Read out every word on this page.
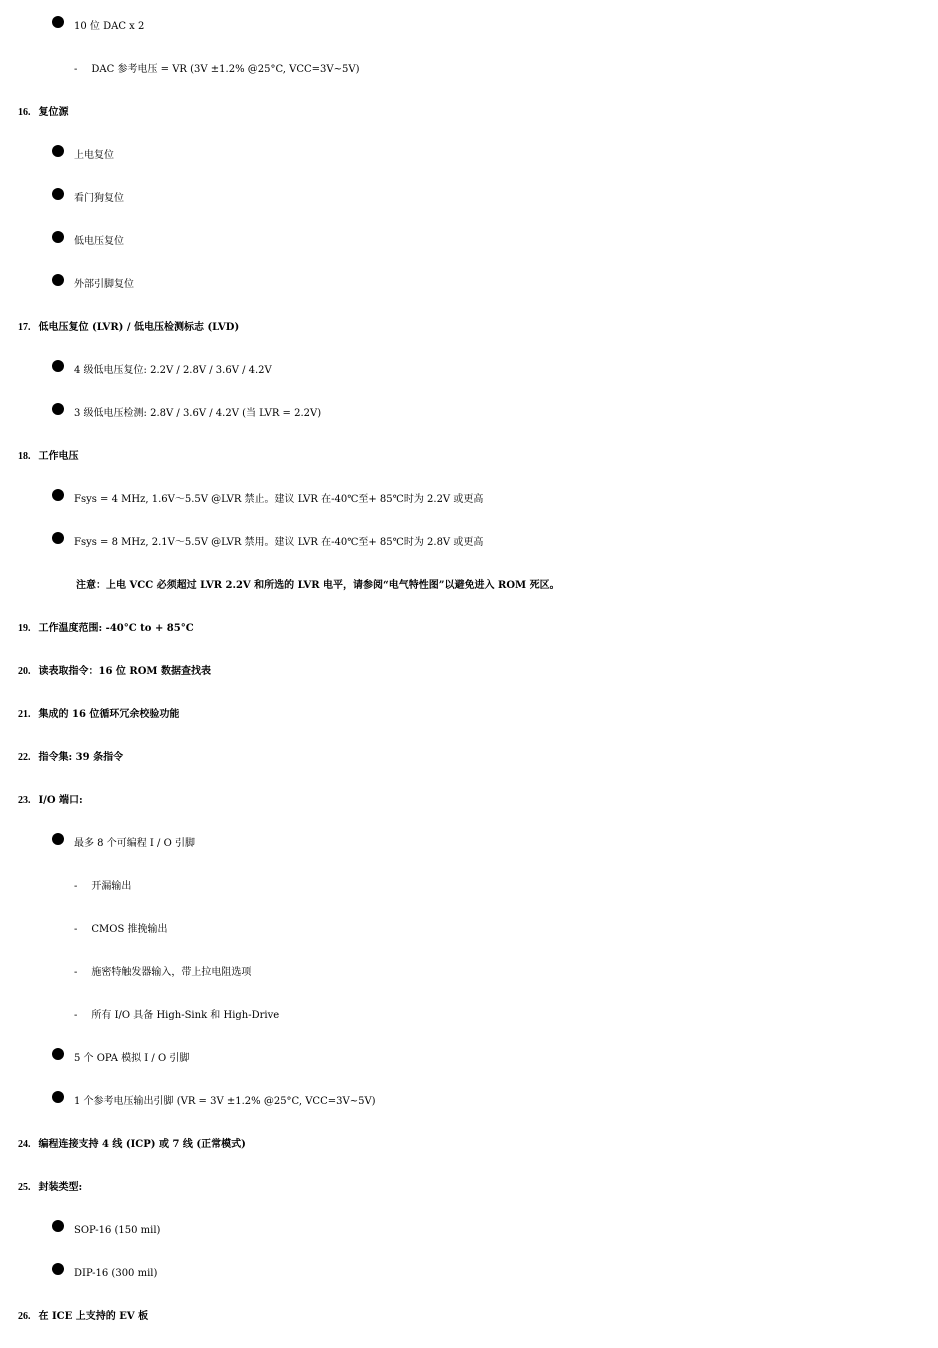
10 位 DAC x 2
- DAC 参考电压 = VR (3V ±1.2% @25°C, VCC=3V~5V)
16. 复位源
上电复位
看门狗复位
低电压复位
外部引脚复位
17. 低电压复位 (LVR) / 低电压检测标志 (LVD)
4 级低电压复位: 2.2V / 2.8V / 3.6V / 4.2V
3 级低电压检测: 2.8V / 3.6V / 4.2V (当 LVR = 2.2V)
18. 工作电压
Fsys = 4 MHz, 1.6V～5.5V @LVR 禁止。建议 LVR 在-40℃至+ 85℃时为 2.2V 或更高
Fsys = 8 MHz, 2.1V～5.5V @LVR 禁用。建议 LVR 在-40℃至+ 85℃时为 2.8V 或更高
注意：上电 VCC 必须超过 LVR 2.2V 和所选的 LVR 电平，请参阅“电气特性图”以避免进入 ROM 死区。
19. 工作温度范围: -40°C to + 85°C
20. 读表取指令：16 位 ROM 数据查找表
21. 集成的 16 位循环冗余校验功能
22. 指令集: 39 条指令
23. I/O 端口:
最多 8 个可编程 I / O 引脚
- 开漏输出
- CMOS 推挽输出
- 施密特触发器输入，带上拉电阻选项
- 所有 I/O 具备 High-Sink 和 High-Drive
5 个 OPA 模拟 I / O 引脚
1 个参考电压输出引脚 (VR = 3V ±1.2% @25°C, VCC=3V~5V)
24. 编程连接支持 4 线 (ICP) 或 7 线 (正常模式)
25. 封装类型:
SOP-16 (150 mil)
DIP-16 (300 mil)
26. 在 ICE 上支持的 EV 板
